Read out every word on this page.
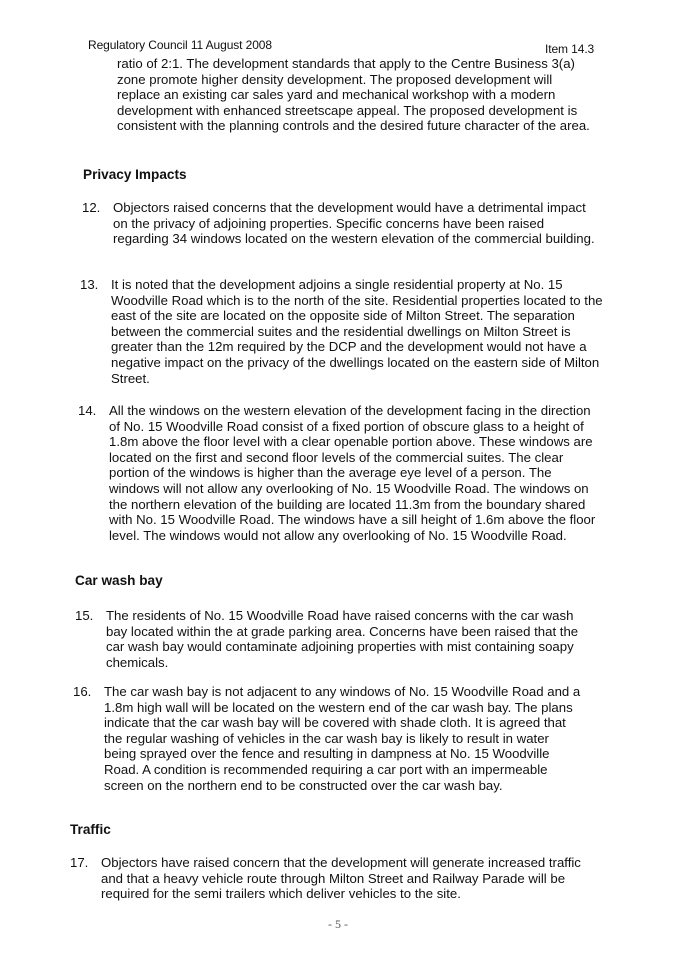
Regulatory Council 11 August 2008	Item 14.3
ratio of 2:1. The development standards that apply to the Centre Business 3(a) zone promote higher density development. The proposed development will replace an existing car sales yard and mechanical workshop with a modern development with enhanced streetscape appeal. The proposed development is consistent with the planning controls and the desired future character of the area.
Privacy Impacts
12. Objectors raised concerns that the development would have a detrimental impact on the privacy of adjoining properties. Specific concerns have been raised regarding 34 windows located on the western elevation of the commercial building.
13. It is noted that the development adjoins a single residential property at No. 15 Woodville Road which is to the north of the site. Residential properties located to the east of the site are located on the opposite side of Milton Street. The separation between the commercial suites and the residential dwellings on Milton Street is greater than the 12m required by the DCP and the development would not have a negative impact on the privacy of the dwellings located on the eastern side of Milton Street.
14. All the windows on the western elevation of the development facing in the direction of No. 15 Woodville Road consist of a fixed portion of obscure glass to a height of 1.8m above the floor level with a clear openable portion above. These windows are located on the first and second floor levels of the commercial suites. The clear portion of the windows is higher than the average eye level of a person. The windows will not allow any overlooking of No. 15 Woodville Road. The windows on the northern elevation of the building are located 11.3m from the boundary shared with No. 15 Woodville Road. The windows have a sill height of 1.6m above the floor level. The windows would not allow any overlooking of No. 15 Woodville Road.
Car wash bay
15. The residents of No. 15 Woodville Road have raised concerns with the car wash bay located within the at grade parking area. Concerns have been raised that the car wash bay would contaminate adjoining properties with mist containing soapy chemicals.
16. The car wash bay is not adjacent to any windows of No. 15 Woodville Road and a 1.8m high wall will be located on the western end of the car wash bay. The plans indicate that the car wash bay will be covered with shade cloth. It is agreed that the regular washing of vehicles in the car wash bay is likely to result in water being sprayed over the fence and resulting in dampness at No. 15 Woodville Road. A condition is recommended requiring a car port with an impermeable screen on the northern end to be constructed over the car wash bay.
Traffic
17. Objectors have raised concern that the development will generate increased traffic and that a heavy vehicle route through Milton Street and Railway Parade will be required for the semi trailers which deliver vehicles to the site.
- 5 -
